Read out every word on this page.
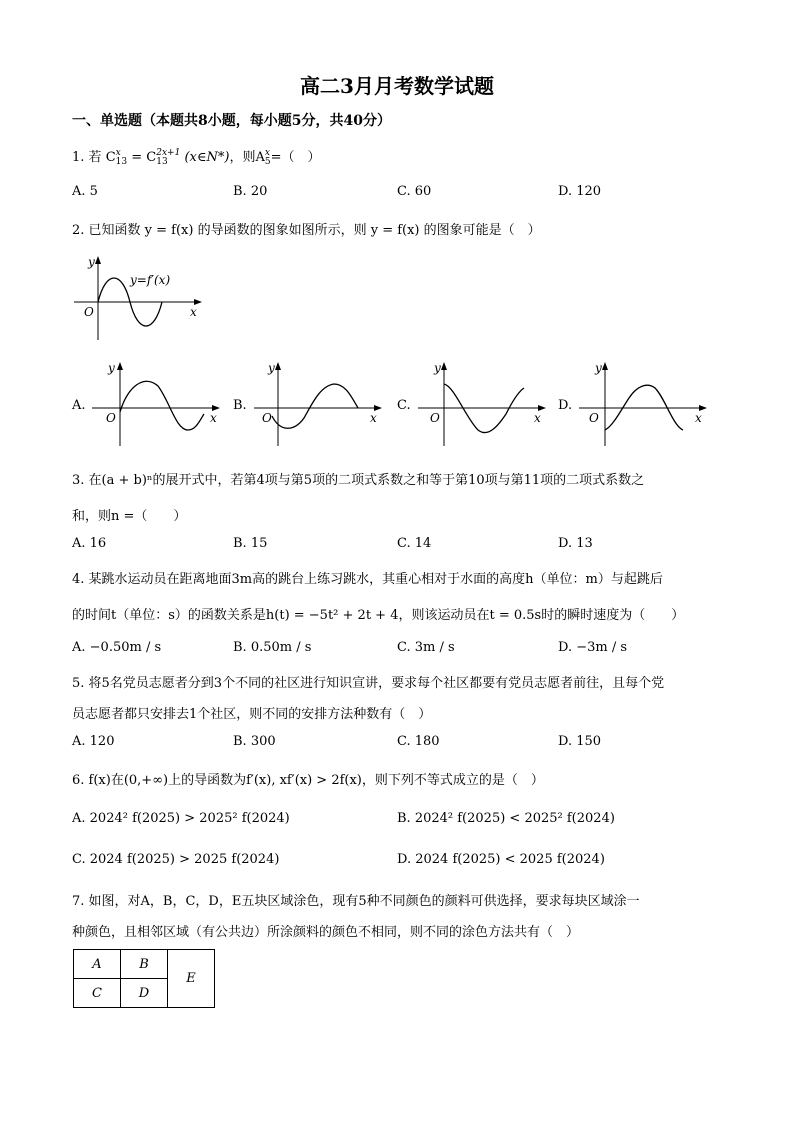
高二3月月考数学试题
一、单选题（本题共8小题，每小题5分，共40分）
1. 若 Cx
13 = C2x+1
13 (x∈N*)，则Ax
5=（　）
A. 5	B. 20	C. 60	D. 120
2. 已知函数 y = f(x) 的导函数的图象如图所示，则 y = f(x) 的图象可能是（　）
y
x
O
y=f′(x)
A.
y
x
O
B.
y
x
O
C.
y
x
O
D.
y
x
O
3. 在(a + b)ⁿ的展开式中，若第4项与第5项的二项式系数之和等于第10项与第11项的二项式系数之
和，则n =（　　）
A. 16	B. 15	C. 14	D. 13
4. 某跳水运动员在距离地面3m高的跳台上练习跳水，其重心相对于水面的高度h（单位：m）与起跳后
的时间t（单位：s）的函数关系是h(t) = −5t² + 2t + 4，则该运动员在t = 0.5s时的瞬时速度为（　　）
A. −0.50m / s	B. 0.50m / s	C. 3m / s	D. −3m / s
5. 将5名党员志愿者分到3个不同的社区进行知识宣讲，要求每个社区都要有党员志愿者前往，且每个党
员志愿者都只安排去1个社区，则不同的安排方法种数有（　）
A. 120	B. 300	C. 180	D. 150
6. f(x)在(0,+∞)上的导函数为f′(x), xf′(x) > 2f(x)，则下列不等式成立的是（　）
A. 2024² f(2025) > 2025² f(2024)	B. 2024² f(2025) < 2025² f(2024)
C. 2024 f(2025) > 2025 f(2024)	D. 2024 f(2025) < 2025 f(2024)
7. 如图，对A，B，C，D，E五块区域涂色，现有5种不同颜色的颜料可供选择，要求每块区域涂一
种颜色，且相邻区域（有公共边）所涂颜料的颜色不相同，则不同的涂色方法共有（　）
A	B	E
C	D	
